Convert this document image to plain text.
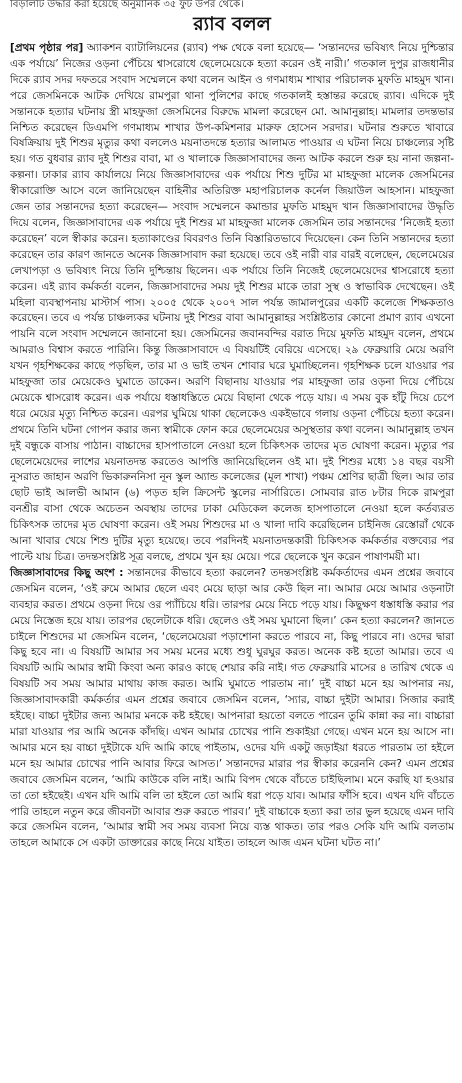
বিড়ালটি উদ্ধার করা হয়েছে অনুমানিক ৩৫ ফুট উপর থেকে।
র‌্যাব বলল

[প্রথম পৃষ্ঠার পর] অ্যাকশন ব্যাটালিয়নের (র‌্যাব) পক্ষ থেকে বলা হয়েছে— ‘সন্তানদের ভবিষ্যৎ নিয়ে দুশ্চিন্তার এক পর্যায়ে’ নিজের ওড়না পেঁচিয়ে শ্বাসরোধে ছেলেমেয়েকে হত্যা করেন ওই নারী।’ গতকাল দুপুর রাজধানীর দিকে র‌্যাব সদর দফতরে সংবাদ সম্মেলনে কথা বলেন আইন ও গণমাধ্যম শাখার পরিচালক মুফতি মাহমুদ খান। পরে জেসমিনকে আটক দেখিয়ে রামপুরা থানা পুলিশের কাছে গতকালই হস্তান্তর করেছে র‌্যাব। এদিকে দুই সন্তানকে হত্যার ঘটনায় স্ত্রী মাহফুজা জেসমিনের বিরুদ্ধে মামলা করেছেন মো. আমানুল্লাহ। মামলার তদন্তভার নিশ্চিত করেছেন ডিএমপি গণমাধ্যম শাখার উপ-কমিশনার মারুফ হোসেন সরদার। ঘটনার শুরুতে খাবারে বিষক্রিয়ায় দুই শিশুর মৃত্যুর কথা বললেও ময়নাতদন্তে হত্যার আলামত পাওয়ার এ ঘটনা নিয়ে চাঞ্চল্যের সৃষ্টি হয়। গত বুধবার র‌্যাব দুই শিশুর বাবা, মা ও খালাকে জিজ্ঞাসাবাদের জন্য আটক করলে শুরু হয় নানা জল্পনা-কল্পনা। ঢাকার র‌্যাব কার্যালয়ে নিয়ে জিজ্ঞাসাবাদের এক পর্যায়ে শিশু দুটির মা মাহফুজা মালেক জেসমিনের স্বীকারোক্তি আসে বলে জানিয়েছেন বাহিনীর অতিরিক্ত মহাপরিচালক কর্নেল জিয়াউল আহসান। মাহফুজা জেন তার সন্তানদের হত্যা করেছেন— সংবাদ সম্মেলনে কমান্ডার মুফতি মাহমুদ খান জিজ্ঞাসাবাদের উদ্ধৃতি দিয়ে বলেন, জিজ্ঞাসাবাদের এক পর্যায়ে দুই শিশুর মা মাহফুজা মালেক জেসমিন তার সন্তানদের ‘নিজেই হত্যা করেছেন’ বলে স্বীকার করেন। হত্যাকাণ্ডের বিবরণও তিনি বিস্তারিতভাবে দিয়েছেন। কেন তিনি সন্তানদের হত্যা করেছেন তার কারণ জানতে অনেক জিজ্ঞাসাবাদ করা হয়েছে। তবে ওই নারী বার বারই বলেছেন, ছেলেমেয়ের লেখাপড়া ও ভবিষ্যৎ নিয়ে তিনি দুশ্চিন্তায় ছিলেন। এক পর্যায়ে তিনি নিজেই ছেলেমেয়েদের শ্বাসরোধে হত্যা করেন। এই র‌্যাব কর্মকর্তা বলেন, জিজ্ঞাসাবাদের সময় দুই শিশুর মাকে তারা সুস্থ ও স্বাভাবিক দেখেছেন। ওই মহিলা ব্যবস্থাপনায় মাস্টার্স পাস। ২০০৫ থেকে ২০০৭ সাল পর্যন্ত জামালপুরের একটি কলেজে শিক্ষকতাও করেছেন। তবে এ পর্যন্ত চাঞ্চল্যকর ঘটনায় দুই শিশুর বাবা আমানুল্লাহর সংশ্লিষ্টতার কোনো প্রমাণ র‌্যাব এখনো পায়নি বলে সংবাদ সম্মেলনে জানানো হয়। জেসমিনের জবানবন্দির বরাত দিয়ে মুফতি মাহমুদ বলেন, প্রথমে আমরাও বিশ্বাস করতে পারিনি। কিন্তু জিজ্ঞাসাবাদে এ বিষয়টিই বেরিয়ে এসেছে। ২৯ ফেব্রুয়ারি মেয়ে অরণি যখন গৃহশিক্ষকের কাছে পড়ছিল, তার মা ও ভাই তখন শোবার ঘরে ঘুমাচ্ছিলেন। গৃহশিক্ষক চলে যাওয়ার পর মাহফুজা তার মেয়েকেও ঘুমাতে ডাকেন। অরণি বিছানায় যাওয়ার পর মাহফুজা তার ওড়না দিয়ে পেঁচিয়ে মেয়েকে শ্বাসরোধ করেন। এক পর্যায়ে ধস্তাধস্তিতে মেয়ে বিছানা থেকে পড়ে যায়। এ সময় বুক হাঁটু দিয়ে চেপে ধরে মেয়ের মৃত্যু নিশ্চিত করেন। এরপর ঘুমিয়ে থাকা ছেলেকেও একইভাবে গলায় ওড়না পেঁচিয়ে হত্যা করেন। প্রথমে তিনি ঘটনা গোপন করার জন্য স্বামীকে ফোন করে ছেলেমেয়ের অসুস্থতার কথা বলেন। আমানুল্লাহ তখন দুই বন্ধুকে বাসায় পাঠান। বাচ্চাদের হাসপাতালে নেওয়া হলে চিকিৎসক তাদের মৃত ঘোষণা করেন। মৃত্যুর পর ছেলেমেয়েদের লাশের ময়নাতদন্ত করতেও আপত্তি জানিয়েছিলেন ওই মা। দুই শিশুর মধ্যে ১৪ বছর বয়সী নুসরাত জাহান অরণি ভিকারুননিসা নূন স্কুল অ্যান্ড কলেজের (মূল শাখা) পঞ্চম শ্রেণির ছাত্রী ছিল। আর তার ছোট ভাই আলভী আমান (৬) পড়ত হলি ক্রিসেন্ট স্কুলের নার্সারিতে। সোমবার রাত ৮টার দিকে রামপুরা বনশ্রীর বাসা থেকে অচেতন অবস্থায় তাদের ঢাকা মেডিকেল কলেজ হাসপাতালে নেওয়া হলে কর্তব্যরত চিকিৎসক তাদের মৃত ঘোষণা করেন। ওই সময় শিশুদের মা ও খালা দাবি করেছিলেন চাইনিজ রেস্তোরাঁ থেকে আনা খাবার খেয়ে শিশু দুটির মৃত্যু হয়েছে। তবে পরদিনই ময়নাতদন্তকারী চিকিৎসক কর্মকর্তার বক্তব্যের পর পাল্টে যায় চিত্র। তদন্তসংশ্লিষ্ট সূত্র বলছে, প্রথমে খুন হয় মেয়ে। পরে ছেলেকে খুন করেন পাষাণময়ী মা।

জিজ্ঞাসাবাদের কিছু অংশ : সন্তানদের কীভাবে হত্যা করলেন? তদন্তসংশ্লিষ্ট কর্মকর্তাদের এমন প্রশ্নের জবাবে জেসমিন বলেন, ‘ওই রুমে আমার ছেলে এবং মেয়ে ছাড়া আর কেউ ছিল না। আমার মেয়ে আমার ওড়নাটা ব্যবহার করত। প্রথমে ওড়না দিয়ে ওর প্যাঁচিয়ে ধরি। তারপর মেয়ে নিচে পড়ে যায়। কিছুক্ষণ ধস্তাধস্তি করার পর মেয়ে নিস্তেজ হয়ে যায়। তারপর ছেলেটাকে ধরি। ছেলেও ওই সময় ঘুমানো ছিল।’ কেন হত্যা করলেন? জানতে চাইলে শিশুদের মা জেসমিন বলেন, ‘ছেলেমেয়েরা পড়াশোনা করতে পারবে না, কিছু পারবে না। ওদের দ্বারা কিছু হবে না। এ বিষয়টি আমার সব সময় মনের মধ্যে শুধু ঘুরঘুর করত। অনেক কষ্ট হতো আমার। তবে এ বিষয়টি আমি আমার স্বামী কিংবা অন্য কারও কাছে শেয়ার করি নাই। গত ফেব্রুয়ারি মাসের ৪ তারিখ থেকে এ বিষয়টি সব সময় আমার মাথায় কাজ করত। আমি ঘুমাতে পারতাম না।’ দুই বাচ্চা মনে হয় আপনার নয়, জিজ্ঞাসাবাদকারী কর্মকর্তার এমন প্রশ্নের জবাবে জেসমিন বলেন, ‘স্যার, বাচ্চা দুইটা আমার। সিজার করাই হইছে। বাচ্চা দুইটার জন্য আমার মনকে কষ্ট হইছে। আপনারা হয়তো বলতে পারেন তুমি কান্না কর না। বাচ্চারা মারা যাওয়ার পর আমি অনেক কাঁদছি। এখন আমার চোখের পানি শুকাইয়া গেছে। এখন মনে হয় আসে না। আমার মনে হয় বাচ্চা দুইটাকে যদি আমি কাছে পাইতাম, ওদের যদি একটু জড়াইয়া ধরতে পারতাম তা হইলে মনে হয় আমার চোখের পানি আবার ফিরে আসত।’ সন্তানদের মারার পর স্বীকার করেননি কেন? এমন প্রশ্নের জবাবে জেসমিন বলেন, ‘আমি কাউকে বলি নাই। আমি বিপদ থেকে বাঁচতে চাইছিলাম। মনে করছি যা হওয়ার তা তো হইছেই। এখন যদি আমি বলি তা হইলে তো আমি ধরা পড়ে যাব। আমার ফাঁসি হবে। এখন যদি বাঁচতে পারি তাহলে নতুন করে জীবনটা আবার শুরু করতে পারব।’ দুই বাচ্চাকে হত্যা করা তার ভুল হয়েছে এমন দাবি করে জেসমিন বলেন, ‘আমার স্বামী সব সময় ব্যবসা নিয়ে ব্যস্ত থাকত। তার পরও সেকি যদি আমি বলতাম তাহলে আমাকে সে একটা ডাক্তারের কাছে নিয়ে যাইত। তাহলে আজ এমন ঘটনা ঘটত না।’
